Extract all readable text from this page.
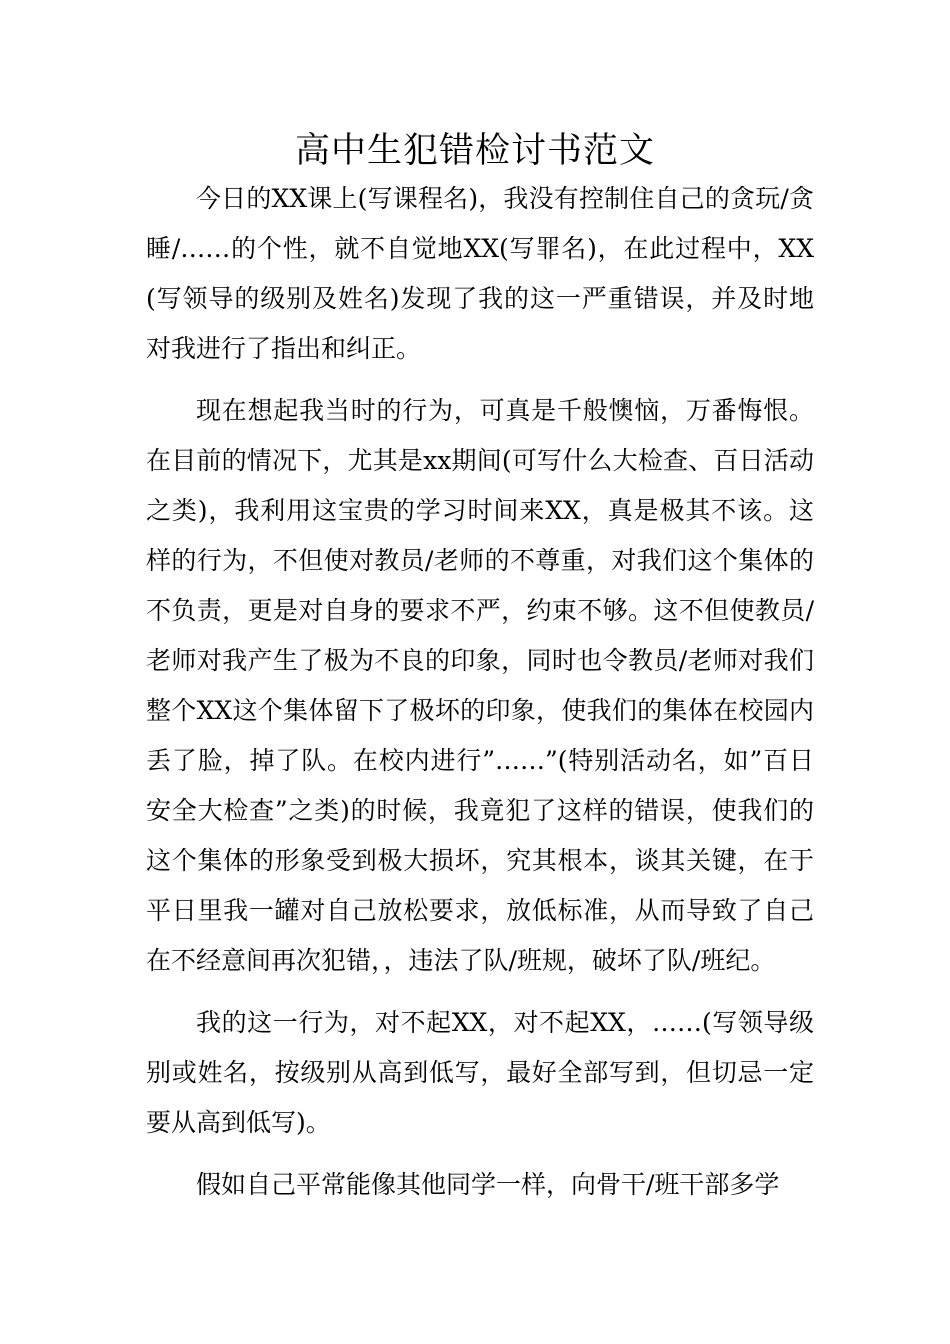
高中生犯错检讨书范文

今日的XX课上(写课程名)，我没有控制住自己的贪玩/贪睡/……的个性，就不自觉地XX(写罪名)，在此过程中，XX(写领导的级别及姓名)发现了我的这一严重错误，并及时地对我进行了指出和纠正。

现在想起我当时的行为，可真是千般懊恼，万番悔恨。在目前的情况下，尤其是xx期间(可写什么大检查、百日活动之类)，我利用这宝贵的学习时间来XX，真是极其不该。这样的行为，不但使对教员/老师的不尊重，对我们这个集体的不负责，更是对自身的要求不严，约束不够。这不但使教员/老师对我产生了极为不良的印象，同时也令教员/老师对我们整个XX这个集体留下了极坏的印象，使我们的集体在校园内丢了脸，掉了队。在校内进行”……”(特别活动名，如”百日安全大检查”之类)的时候，我竟犯了这样的错误，使我们的这个集体的形象受到极大损坏，究其根本，谈其关键，在于平日里我一罐对自己放松要求，放低标准，从而导致了自己在不经意间再次犯错，，违法了队/班规，破坏了队/班纪。

我的这一行为，对不起XX，对不起XX，……(写领导级别或姓名，按级别从高到低写，最好全部写到，但切忌一定要从高到低写)。

假如自己平常能像其他同学一样，向骨干/班干部多学
